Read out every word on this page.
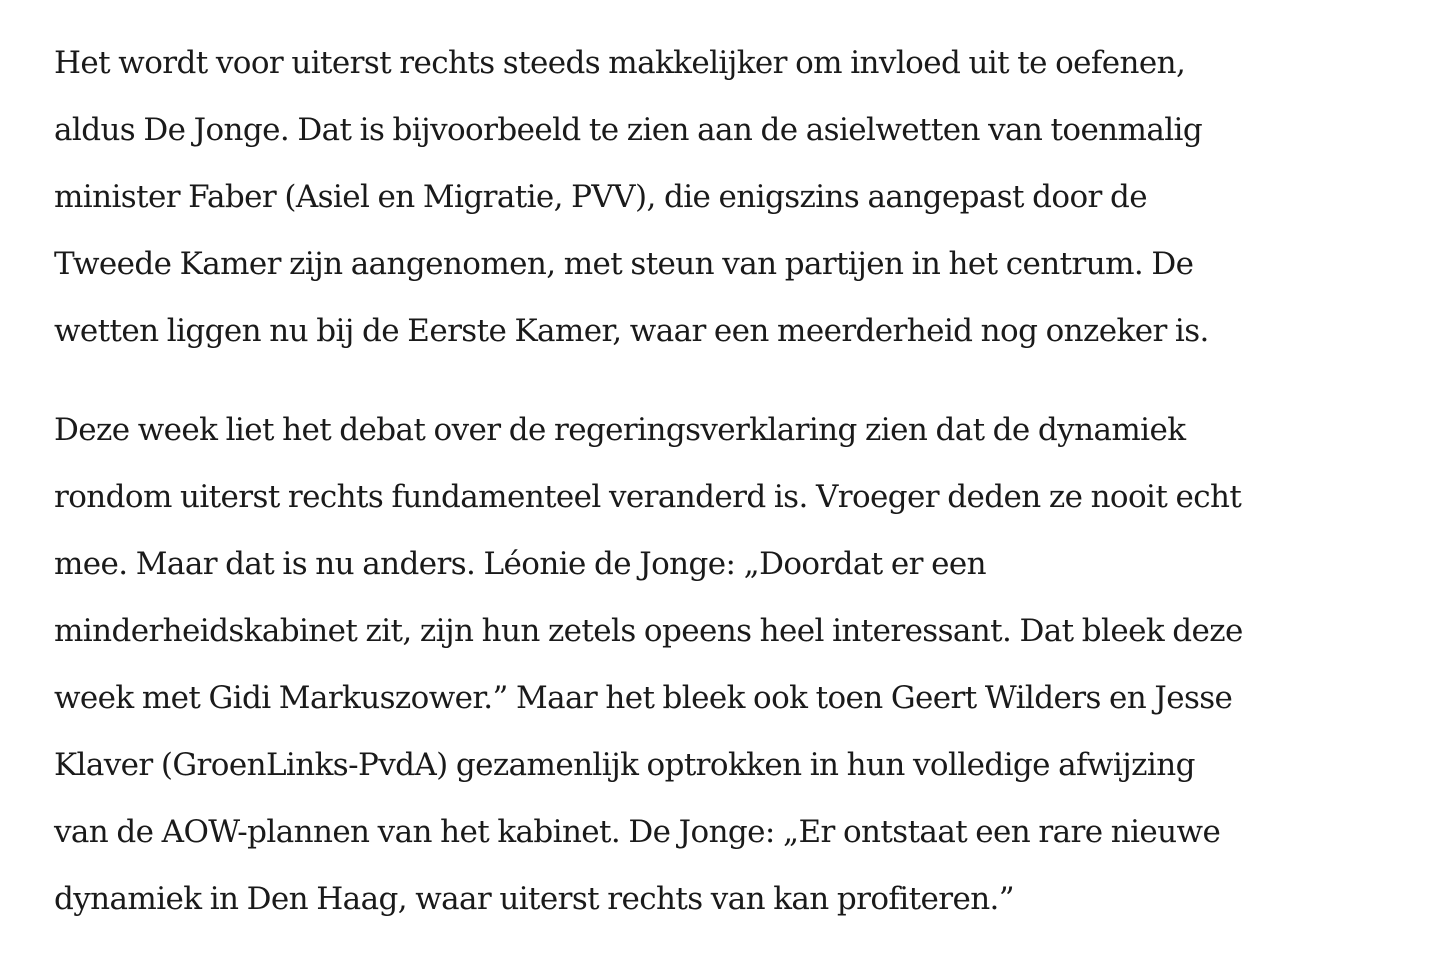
Het wordt voor uiterst rechts steeds makkelijker om invloed uit te oefenen,
aldus De Jonge. Dat is bijvoorbeeld te zien aan de asielwetten van toenmalig
minister Faber (Asiel en Migratie, PVV), die enigszins aangepast door de
Tweede Kamer zijn aangenomen, met steun van partijen in het centrum. De
wetten liggen nu bij de Eerste Kamer, waar een meerderheid nog onzeker is.

Deze week liet het debat over de regeringsverklaring zien dat de dynamiek
rondom uiterst rechts fundamenteel veranderd is. Vroeger deden ze nooit echt
mee. Maar dat is nu anders. Léonie de Jonge: „Doordat er een
minderheidskabinet zit, zijn hun zetels opeens heel interessant. Dat bleek deze
week met Gidi Markuszower.” Maar het bleek ook toen Geert Wilders en Jesse
Klaver (GroenLinks-PvdA) gezamenlijk optrokken in hun volledige afwijzing
van de AOW-plannen van het kabinet. De Jonge: „Er ontstaat een rare nieuwe
dynamiek in Den Haag, waar uiterst rechts van kan profiteren.”
